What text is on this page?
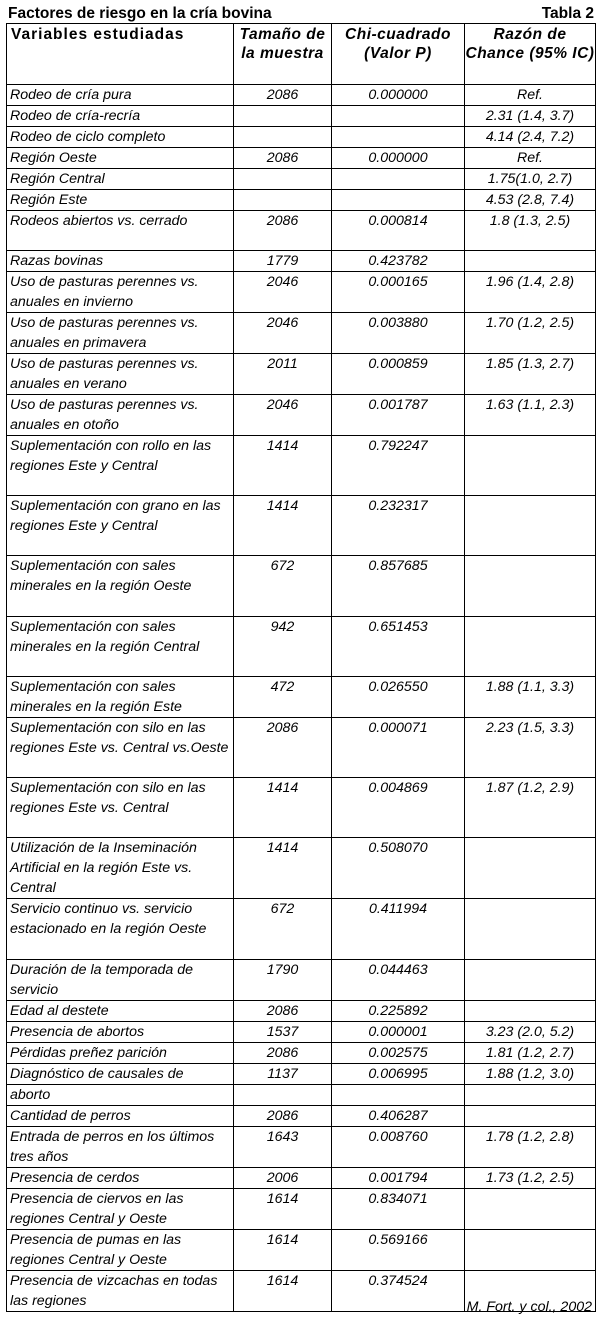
Factores de riesgo en la cría bovina	Tabla 2
Variables estudiadas	Tamaño de la muestra	Chi-cuadrado (Valor P)	Razón de Chance (95% IC)
Rodeo de cría pura	2086	0.000000	Ref.
Rodeo de cría-recría			2.31 (1.4, 3.7)
Rodeo de ciclo completo			4.14 (2.4, 7.2)
Región Oeste	2086	0.000000	Ref.
Región Central			1.75(1.0, 2.7)
Región Este			4.53 (2.8, 7.4)
Rodeos abiertos vs. cerrado	2086	0.000814	1.8 (1.3, 2.5)
Razas bovinas	1779	0.423782	
Uso de pasturas perennes vs. anuales en invierno	2046	0.000165	1.96 (1.4, 2.8)
Uso de pasturas perennes vs. anuales en primavera	2046	0.003880	1.70 (1.2, 2.5)
Uso de pasturas perennes vs. anuales en verano	2011	0.000859	1.85 (1.3, 2.7)
Uso de pasturas perennes vs. anuales en otoño	2046	0.001787	1.63 (1.1, 2.3)
Suplementación con rollo en las regiones Este y Central	1414	0.792247	
Suplementación con grano en las regiones Este y Central	1414	0.232317	
Suplementación con sales minerales en la región Oeste	672	0.857685	
Suplementación con sales minerales en la región Central	942	0.651453	
Suplementación con sales minerales en la región Este	472	0.026550	1.88 (1.1, 3.3)
Suplementación con silo en las regiones Este vs. Central vs.Oeste	2086	0.000071	2.23 (1.5, 3.3)
Suplementación con silo en las regiones Este vs. Central	1414	0.004869	1.87 (1.2, 2.9)
Utilización de la Inseminación Artificial en la región Este vs. Central	1414	0.508070	
Servicio continuo vs. servicio estacionado en la región Oeste	672	0.411994	
Duración de la temporada de servicio	1790	0.044463	
Edad al destete	2086	0.225892	
Presencia de abortos	1537	0.000001	3.23 (2.0, 5.2)
Pérdidas preñez parición	2086	0.002575	1.81 (1.2, 2.7)
Diagnóstico de causales de	1137	0.006995	1.88 (1.2, 3.0)
aborto			
Cantidad de perros	2086	0.406287	
Entrada de perros en los últimos tres años	1643	0.008760	1.78 (1.2, 2.8)
Presencia de cerdos	2006	0.001794	1.73 (1.2, 2.5)
Presencia de ciervos en las regiones Central y Oeste	1614	0.834071	
Presencia de pumas en las regiones Central y Oeste	1614	0.569166	
Presencia de vizcachas en todas las regiones	1614	0.374524	
M. Fort. y col., 2002
